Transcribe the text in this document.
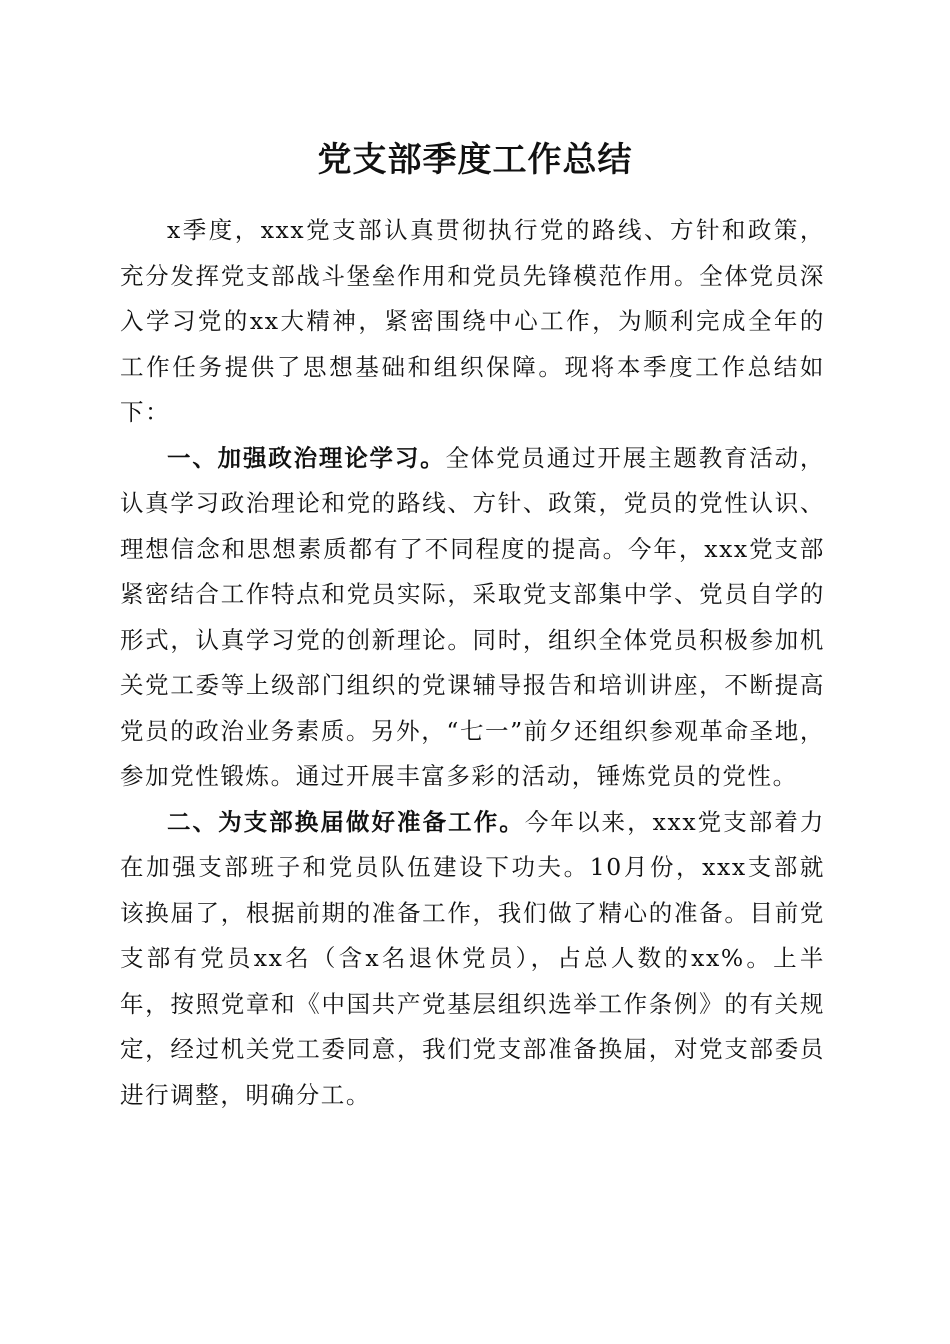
党支部季度工作总结

x季度，xxx党支部认真贯彻执行党的路线、方针和政策，充分发挥党支部战斗堡垒作用和党员先锋模范作用。全体党员深入学习党的xx大精神，紧密围绕中心工作，为顺利完成全年的工作任务提供了思想基础和组织保障。现将本季度工作总结如下：

一、加强政治理论学习。全体党员通过开展主题教育活动，认真学习政治理论和党的路线、方针、政策，党员的党性认识、理想信念和思想素质都有了不同程度的提高。今年，xxx党支部紧密结合工作特点和党员实际，采取党支部集中学、党员自学的形式，认真学习党的创新理论。同时，组织全体党员积极参加机关党工委等上级部门组织的党课辅导报告和培训讲座，不断提高党员的政治业务素质。另外，“七一”前夕还组织参观革命圣地，参加党性锻炼。通过开展丰富多彩的活动，锤炼党员的党性。

二、为支部换届做好准备工作。今年以来，xxx党支部着力在加强支部班子和党员队伍建设下功夫。10月份，xxx支部就该换届了，根据前期的准备工作，我们做了精心的准备。目前党支部有党员xx名（含x名退休党员），占总人数的xx%。上半年，按照党章和《中国共产党基层组织选举工作条例》的有关规定，经过机关党工委同意，我们党支部准备换届，对党支部委员进行调整，明确分工。
